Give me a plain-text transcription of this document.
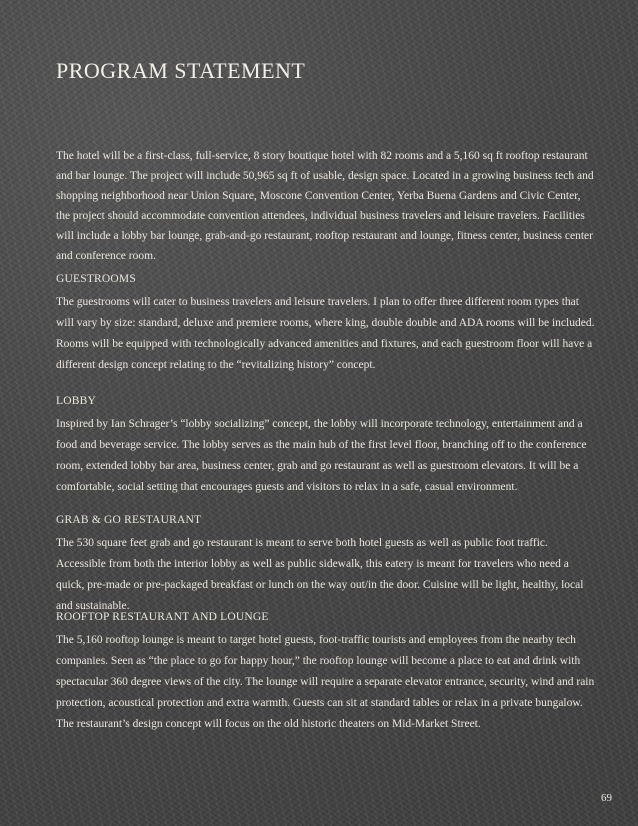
PROGRAM STATEMENT

The hotel will be a first-class, full-service, 8 story boutique hotel with 82 rooms and a 5,160 sq ft rooftop restaurant and bar lounge. The project will include 50,965 sq ft of usable, design space. Located in a growing business tech and shopping neighborhood near Union Square, Moscone Convention Center, Yerba Buena Gardens and Civic Center, the project should accommodate convention attendees, individual business travelers and leisure travelers. Facilities will include a lobby bar lounge, grab-and-go restaurant, rooftop restaurant and lounge, fitness center, business center and conference room.

GUESTROOMS

The guestrooms will cater to business travelers and leisure travelers. I plan to offer three different room types that will vary by size: standard, deluxe and premiere rooms, where king, double double and ADA rooms will be included. Rooms will be equipped with technologically advanced amenities and fixtures, and each guestroom floor will have a different design concept relating to the “revitalizing history” concept.

LOBBY

Inspired by Ian Schrager’s “lobby socializing” concept, the lobby will incorporate technology, entertainment and a food and beverage service. The lobby serves as the main hub of the first level floor, branching off to the conference room, extended lobby bar area, business center, grab and go restaurant as well as guestroom elevators. It will be a comfortable, social setting that encourages guests and visitors to relax in a safe, casual environment.

GRAB & GO RESTAURANT

The 530 square feet grab and go restaurant is meant to serve both hotel guests as well as public foot traffic. Accessible from both the interior lobby as well as public sidewalk, this eatery is meant for travelers who need a quick, pre-made or pre-packaged breakfast or lunch on the way out/in the door. Cuisine will be light, healthy, local and sustainable.

ROOFTOP RESTAURANT AND LOUNGE

The 5,160 rooftop lounge is meant to target hotel guests, foot-traffic tourists and employees from the nearby tech companies. Seen as “the place to go for happy hour,” the rooftop lounge will become a place to eat and drink with spectacular 360 degree views of the city. The lounge will require a separate elevator entrance, security, wind and rain protection, acoustical protection and extra warmth. Guests can sit at standard tables or relax in a private bungalow. The restaurant’s design concept will focus on the old historic theaters on Mid-Market Street.

69
